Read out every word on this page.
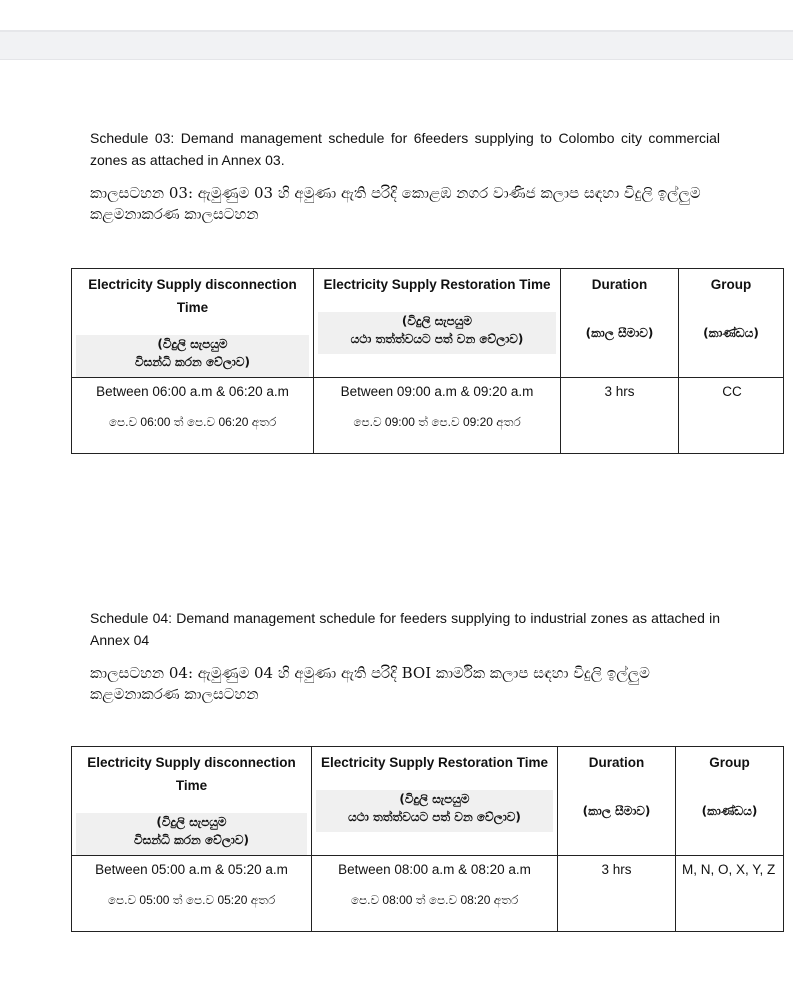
Schedule 03: Demand management schedule for 6feeders supplying to Colombo city commercial zones as attached in Annex 03.

කාලසටහන 03: ඇමුණුම 03 හි අමුණා ඇති පරිදි කොළඹ නගර වාණිජ කලාප සඳහා විදුලි ඉල්ලුම කළමනාකරණ කාලසටහන

Electricity Supply disconnection Time
(විදුලි සැපයුම
විසන්ධි කරන වේලාව)	Electricity Supply Restoration Time
(විදුලි සැපයුම
යථා තත්ත්වයට පත් වන වේලාව)	Duration
(කාල සීමාව)	Group
(කාණ්ඩය)

Between 06:00 a.m & 06:20 a.m
පෙ.ව 06:00 ත් පෙ.ව 06:20 අතර	Between 09:00 a.m & 09:20 a.m
පෙ.ව 09:00 ත් පෙ.ව 09:20 අතර	3 hrs	CC

Schedule 04: Demand management schedule for feeders supplying to industrial zones as attached in Annex 04

කාලසටහන 04: ඇමුණුම 04 හි අමුණා ඇති පරිදි BOI කාර්මික කලාප සඳහා විදුලි ඉල්ලුම කළමනාකරණ කාලසටහන

Electricity Supply disconnection Time
(විදුලි සැපයුම
විසන්ධි කරන වේලාව)	Electricity Supply Restoration Time
(විදුලි සැපයුම
යථා තත්ත්වයට පත් වන වේලාව)	Duration
(කාල සීමාව)	Group
(කාණ්ඩය)

Between 05:00 a.m & 05:20 a.m
පෙ.ව 05:00 ත් පෙ.ව 05:20 අතර	Between 08:00 a.m & 08:20 a.m
පෙ.ව 08:00 ත් පෙ.ව 08:20 අතර	3 hrs	M, N, O, X, Y, Z
